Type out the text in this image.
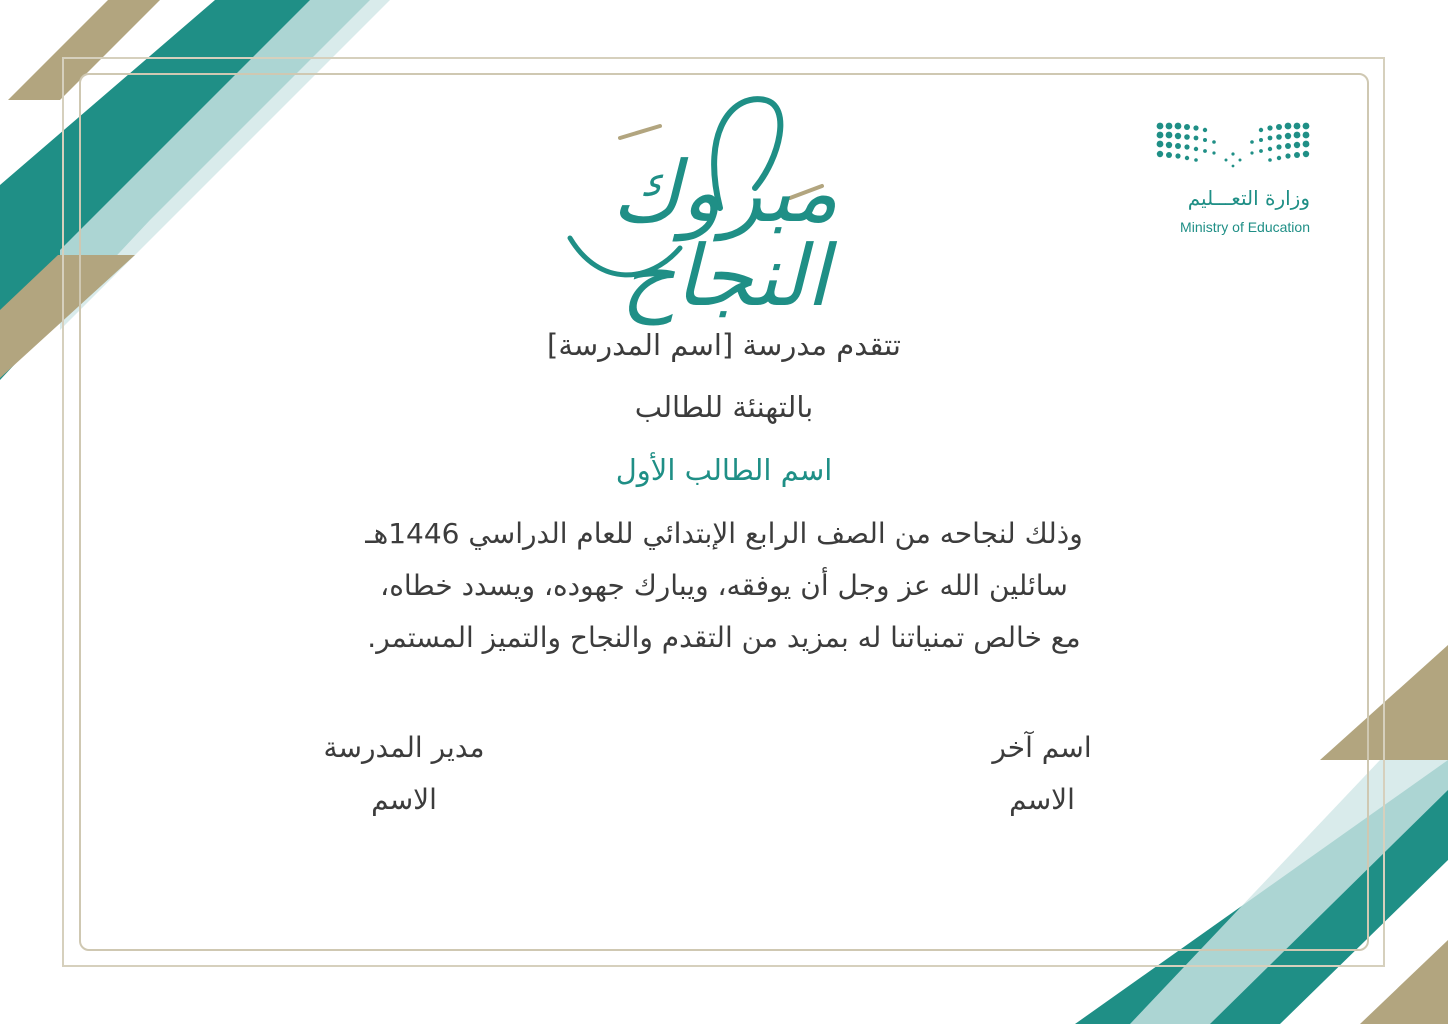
وزارة التعـــليم
Ministry of Education
مبروك النجاح
تتقدم مدرسة [اسم المدرسة]
بالتهنئة للطالب
اسم الطالب الأول
وذلك لنجاحه من الصف الرابع الإبتدائي للعام الدراسي 1446هـ
سائلين الله عز وجل أن يوفقه، ويبارك جهوده، ويسدد خطاه،
مع خالص تمنياتنا له بمزيد من التقدم والنجاح والتميز المستمر.
اسم آخر
الاسم
مدير المدرسة
الاسم
